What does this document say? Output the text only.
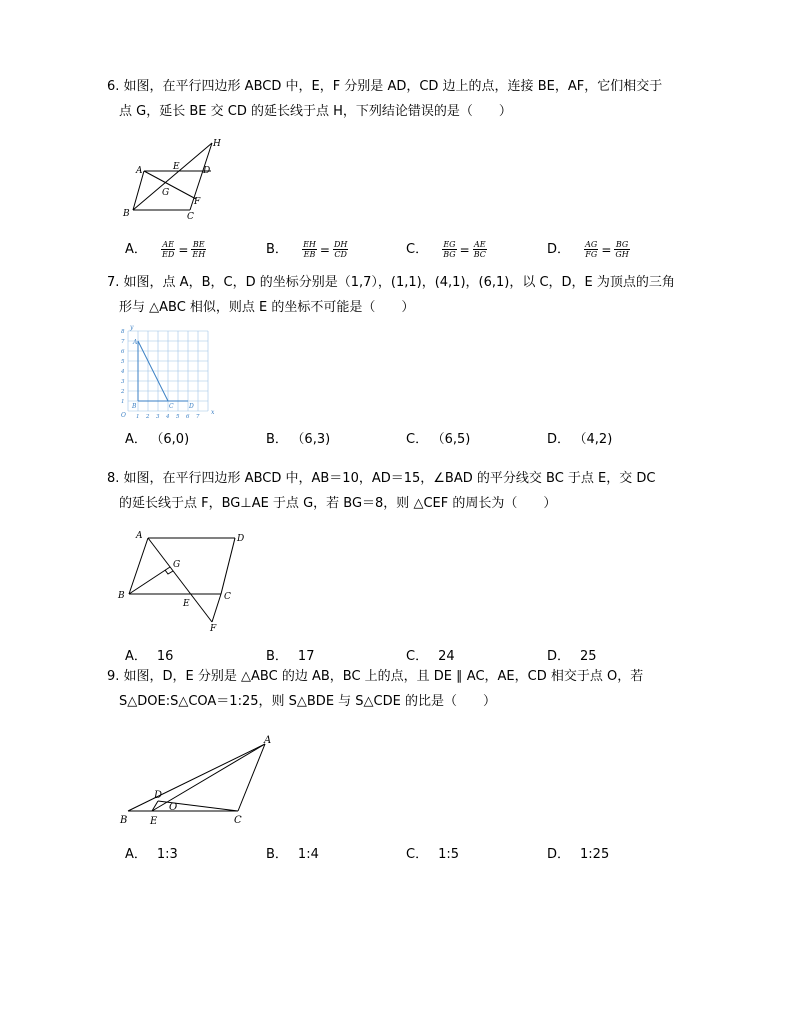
6. 如图，在平行四边形 ABCD 中，E，F 分别是 AD，CD 边上的点，连接 BE，AF，它们相交于

点 G，延长 BE 交 CD 的延长线于点 H，下列结论错误的是（　　）

A
B	C
D
E
F
G
H
A． $\frac{AE}{ED} = \frac{BE}{EH}$	B． $\frac{EH}{EB} = \frac{DH}{CD}$	C． $\frac{EG}{BG} = \frac{AE}{BC}$	D． $\frac{AG}{FG} = \frac{BG}{GH}$

7. 如图，点 A，B，C，D 的坐标分别是（1,7），(1,1)，(4,1)，(6,1)，以 C，D，E 为顶点的三角

形与 △ABC 相似，则点 E 的坐标不可能是（　　）

y
x
O
A
B	C	D
1 2 3 4 5 6 7
1
2
3
4
5
6
7
8
A． （6,0)	B． （6,3)	C． （6,5)	D． （4,2)

8. 如图，在平行四边形 ABCD 中，AB＝10，AD＝15，∠BAD 的平分线交 BC 于点 E，交 DC

的延长线于点 F，BG⊥AE 于点 G，若 BG＝8，则 △CEF 的周长为（　　）

A
B	C
D
E
F
G
A． 16	B． 17	C． 24	D． 25

9. 如图，D，E 分别是 △ABC 的边 AB，BC 上的点，且 DE ∥ AC，AE，CD 相交于点 O，若

S△DOE:S△COA＝1:25，则 S△BDE 与 S△CDE 的比是（　　）

A
B	C
D
E
O
A． 1:3	B． 1:4	C． 1:5	D． 1:25
